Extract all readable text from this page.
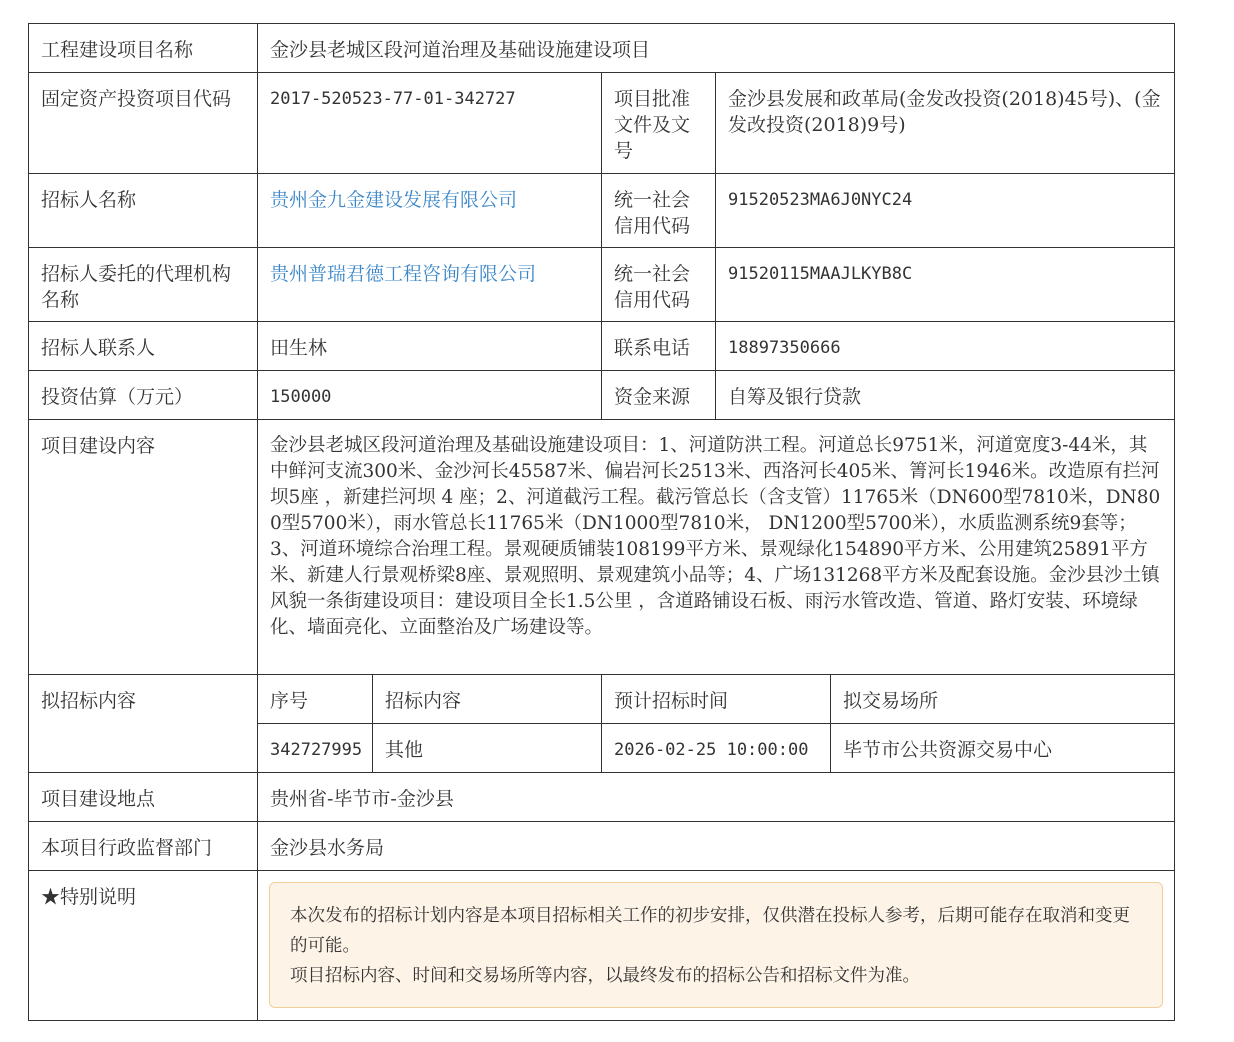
工程建设项目名称	金沙县老城区段河道治理及基础设施建设项目				
固定资产投资项目代码	2017-520523-77-01-342727		项目批准文件及文号	金沙县发展和政革局(金发改投资(2018)45号)、(金发改投资(2018)9号)	
招标人名称	贵州金九金建设发展有限公司		统一社会信用代码	91520523MA6J0NYC24	
招标人委托的代理机构名称	贵州普瑞君德工程咨询有限公司		统一社会信用代码	91520115MAAJLKYB8C	
招标人联系人	田生林		联系电话	18897350666	
投资估算（万元）	150000		资金来源	自筹及银行贷款	
项目建设内容	金沙县老城区段河道治理及基础设施建设项目：1、河道防洪工程。河道总长9751米，河道宽度3-44米，其中鲜河支流300米、金沙河长45587米、偏岩河长2513米、西洛河长405米、箐河长1946米。改造原有拦河坝5座 ，新建拦河坝 4 座；2、河道截污工程。截污管总长（含支管）11765米（DN600型7810米，DN800型5700米），雨水管总长11765米（DN1000型7810米， DN1200型5700米），水质监测系统9套等；3、河道环境综合治理工程。景观硬质铺装108199平方米、景观绿化154890平方米、公用建筑25891平方米、新建人行景观桥梁8座、景观照明、景观建筑小品等；4、广场131268平方米及配套设施。金沙县沙土镇风貌一条街建设项目：建设项目全长1.5公里 ，含道路铺设石板、雨污水管改造、管道、路灯安装、环境绿化、墙面亮化、立面整治及广场建设等。				
拟招标内容	序号	招标内容	预计招标时间		拟交易场所
	342727995	其他	2026-02-25 10:00:00		毕节市公共资源交易中心
项目建设地点	贵州省-毕节市-金沙县				
本项目行政监督部门	金沙县水务局				
★特别说明	本次发布的招标计划内容是本项目招标相关工作的初步安排，仅供潜在投标人参考，后期可能存在取消和变更的可能。
项目招标内容、时间和交易场所等内容，以最终发布的招标公告和招标文件为准。				
